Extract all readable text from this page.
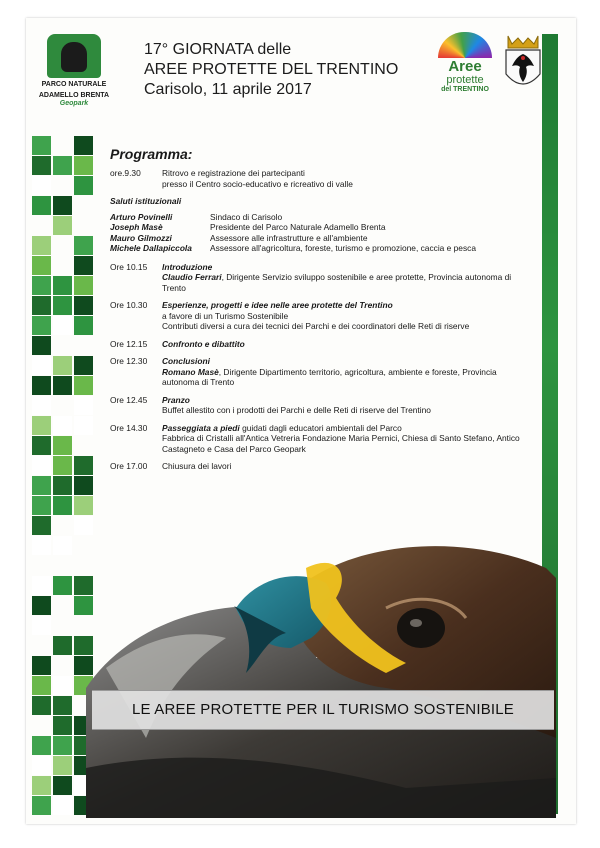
PARCO NATURALE
ADAMELLO BRENTA
Geopark
17° GIORNATA delle
AREE PROTETTE DEL TRENTINO
Carisolo, 11 aprile 2017
Aree
protette
del TRENTINO
LE AREE PROTETTE PER IL TURISMO SOSTENIBILE
Programma:
ore.9.30	Ritrovo e registrazione dei partecipanti
presso il Centro socio-educativo e ricreativo di valle
Saluti istituzionali
Arturo Povinelli	Sindaco di Carisolo
Joseph Masè	Presidente del Parco Naturale Adamello Brenta
Mauro Gilmozzi	Assessore alle infrastrutture e all'ambiente
Michele Dallapiccola	Assessore all'agricoltura, foreste, turismo e promozione, caccia e pesca
Ore 10.15	Introduzione
Claudio Ferrari, Dirigente Servizio sviluppo sostenibile e aree protette, Provincia autonoma di Trento
Ore 10.30	Esperienze, progetti e idee nelle aree protette del Trentino
a favore di un Turismo Sostenibile
Contributi diversi a cura dei tecnici dei Parchi e dei coordinatori delle Reti di riserve
Ore 12.15	Confronto e dibattito
Ore 12.30	Conclusioni
Romano Masè, Dirigente Dipartimento territorio, agricoltura, ambiente e foreste, Provincia autonoma di Trento
Ore 12.45	Pranzo
Buffet allestito con i prodotti dei Parchi e delle Reti di riserve del Trentino
Ore 14.30	Passeggiata a piedi guidati dagli educatori ambientali del Parco
Fabbrica di Cristalli all'Antica Vetreria Fondazione Maria Pernici, Chiesa di Santo Stefano, Antico Castagneto e Casa del Parco Geopark
Ore 17.00	Chiusura dei lavori
